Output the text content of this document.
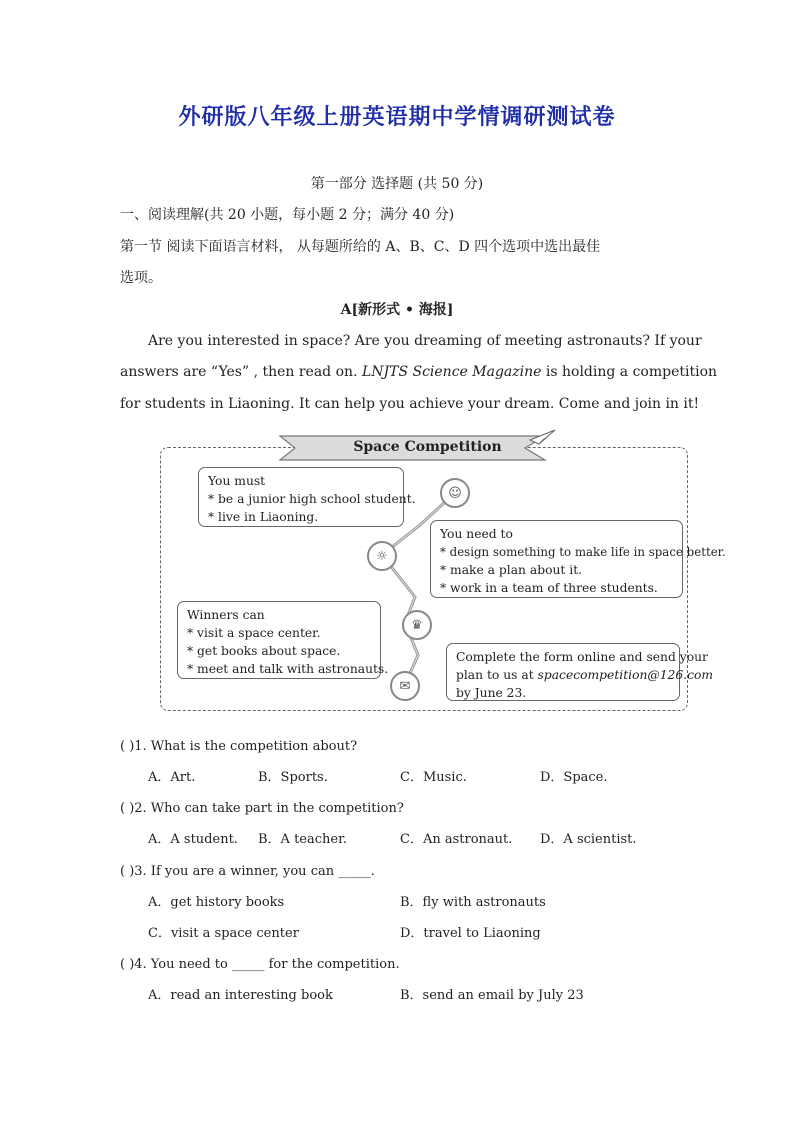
外研版八年级上册英语期中学情调研测试卷
第一部分 选择题 (共 50 分)
一、阅读理解(共 20 小题，每小题 2 分；满分 40 分)
第一节 阅读下面语言材料， 从每题所给的 A、B、C、D 四个选项中选出最佳
选项。
A[新形式 • 海报]
Are you interested in space? Are you dreaming of meeting astronauts? If your
answers are “Yes” , then read on. LNJTS Science Magazine is holding a competition
for students in Liaoning. It can help you achieve your dream. Come and join in it!
Space Competition
☺
☼
♛
✉
You must
* be a junior high school student.
* live in Liaoning.
You need to
* design something to make life in space better.
* make a plan about it.
* work in a team of three students.
Winners can
* visit a space center.
* get books about space.
* meet and talk with astronauts.
Complete the form online and send your
plan to us at spacecompetition@126.com
by June 23.
( )1. What is the competition about?
A．Art.	B．Sports.	C．Music.	D．Space.
( )2. Who can take part in the competition?
A．A student. B．A teacher.	C．An astronaut. D．A scientist.
( )3. If you are a winner, you can _____.
A．get history books	B．fly with astronauts
C．visit a space center	D．travel to Liaoning
( )4. You need to _____ for the competition.
A．read an interesting book	B．send an email by July 23
